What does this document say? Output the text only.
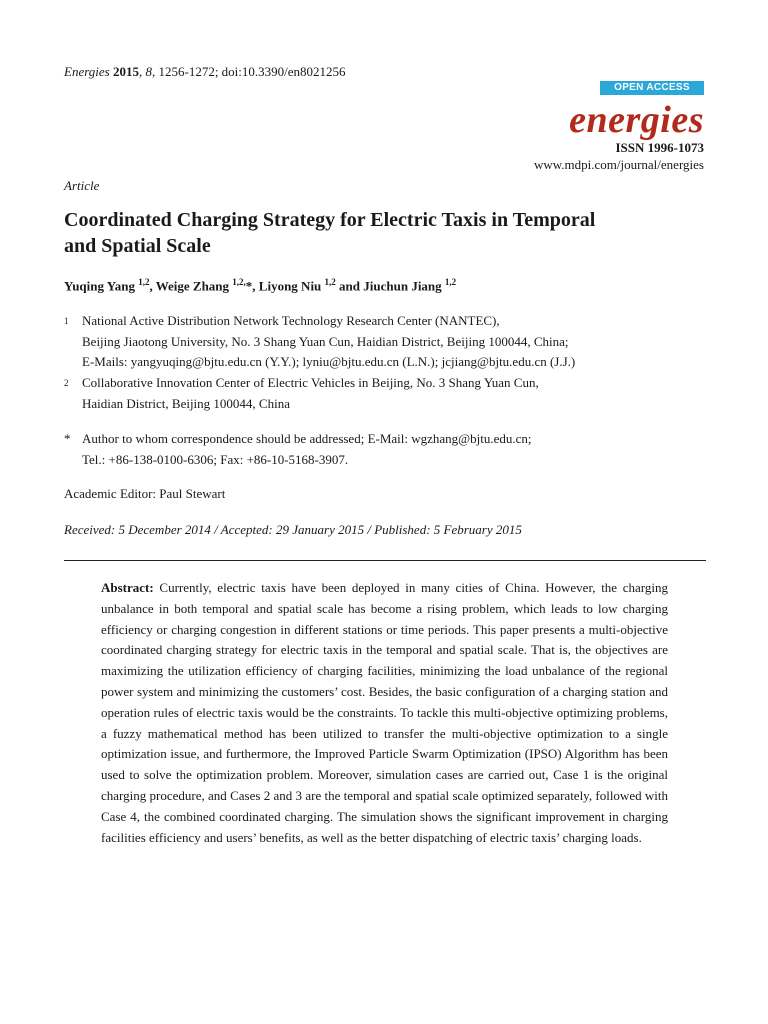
Energies 2015, 8, 1256-1272; doi:10.3390/en8021256
OPEN ACCESS
energies
ISSN 1996-1073
www.mdpi.com/journal/energies
Article
Coordinated Charging Strategy for Electric Taxis in Temporal
and Spatial Scale
Yuqing Yang $^{1,2}$, Weige Zhang $^{1,2,}$*, Liyong Niu $^{1,2}$ and Jiuchun Jiang $^{1,2}$
1 National Active Distribution Network Technology Research Center (NANTEC),
Beijing Jiaotong University, No. 3 Shang Yuan Cun, Haidian District, Beijing 100044, China;
E-Mails: yangyuqing@bjtu.edu.cn (Y.Y.); lyniu@bjtu.edu.cn (L.N.); jcjiang@bjtu.edu.cn (J.J.)
2 Collaborative Innovation Center of Electric Vehicles in Beijing, No. 3 Shang Yuan Cun,
Haidian District, Beijing 100044, China
* Author to whom correspondence should be addressed; E-Mail: wgzhang@bjtu.edu.cn;
Tel.: +86-138-0100-6306; Fax: +86-10-5168-3907.
Academic Editor: Paul Stewart
Received: 5 December 2014 / Accepted: 29 January 2015 / Published: 5 February 2015
Abstract: Currently, electric taxis have been deployed in many cities of China. However, the charging unbalance in both temporal and spatial scale has become a rising problem, which leads to low charging efficiency or charging congestion in different stations or time periods. This paper presents a multi-objective coordinated charging strategy for electric taxis in the temporal and spatial scale. That is, the objectives are maximizing the utilization efficiency of charging facilities, minimizing the load unbalance of the regional power system and minimizing the customers’ cost. Besides, the basic configuration of a charging station and operation rules of electric taxis would be the constraints. To tackle this multi-objective optimizing problems, a fuzzy mathematical method has been utilized to transfer the multi-objective optimization to a single optimization issue, and furthermore, the Improved Particle Swarm Optimization (IPSO) Algorithm has been used to solve the optimization problem. Moreover, simulation cases are carried out, Case 1 is the original charging procedure, and Cases 2 and 3 are the temporal and spatial scale optimized separately, followed with Case 4, the combined coordinated charging. The simulation shows the significant improvement in charging facilities efficiency and users’ benefits, as well as the better dispatching of electric taxis’ charging loads.
